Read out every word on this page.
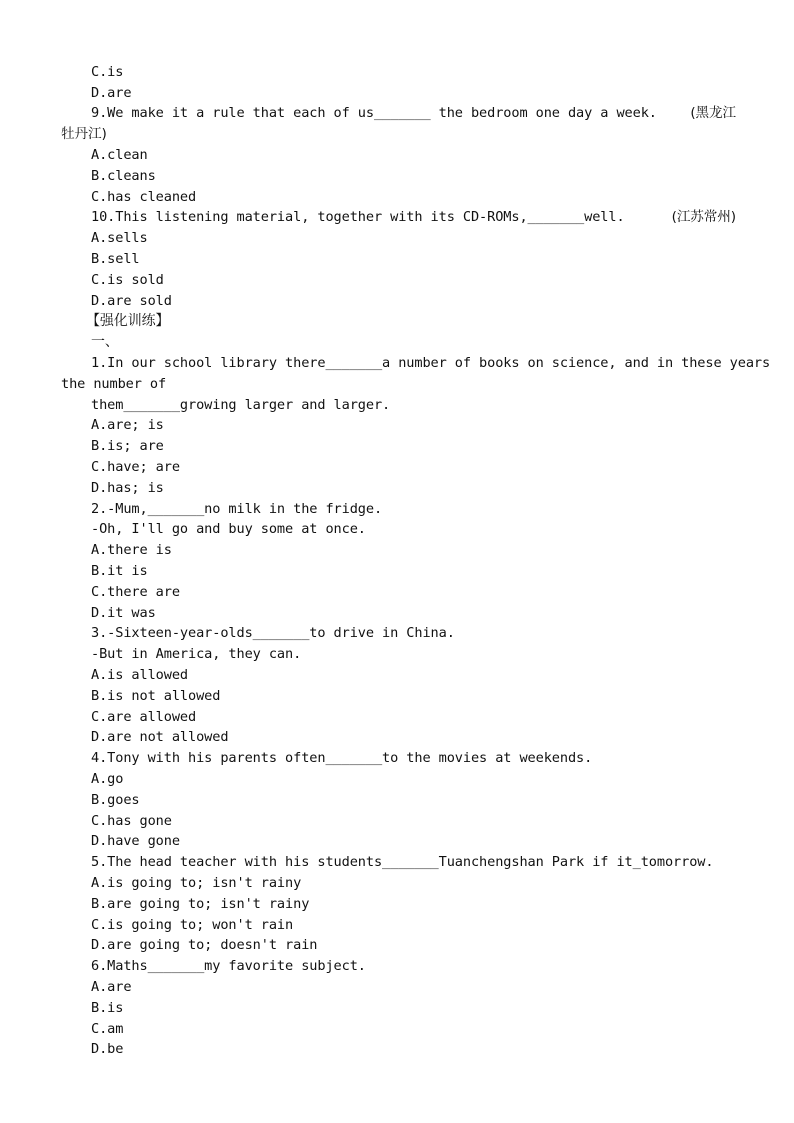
C.is
D.are
9.We make it a rule that each of us_______ the bedroom one day a week. (黑龙江
牡丹江)
A.clean
B.cleans
C.has cleaned
10.This listening material, together with its CD-ROMs,_______well.	(江苏常州)
A.sells
B.sell
C.is sold
D.are sold
【强化训练】
一、
1.In our school library there_______a number of books on science, and in these years
the number of
them_______growing larger and larger.
A.are; is
B.is; are
C.have; are
D.has; is
2.-Mum,_______no milk in the fridge.
-Oh, I'll go and buy some at once.
A.there is
B.it is
C.there are
D.it was
3.-Sixteen-year-olds_______to drive in China.
-But in America, they can.
A.is allowed
B.is not allowed
C.are allowed
D.are not allowed
4.Tony with his parents often_______to the movies at weekends.
A.go
B.goes
C.has gone
D.have gone
5.The head teacher with his students_______Tuanchengshan Park if it_tomorrow.
A.is going to; isn't rainy
B.are going to; isn't rainy
C.is going to; won't rain
D.are going to; doesn't rain
6.Maths_______my favorite subject.
A.are
B.is
C.am
D.be
